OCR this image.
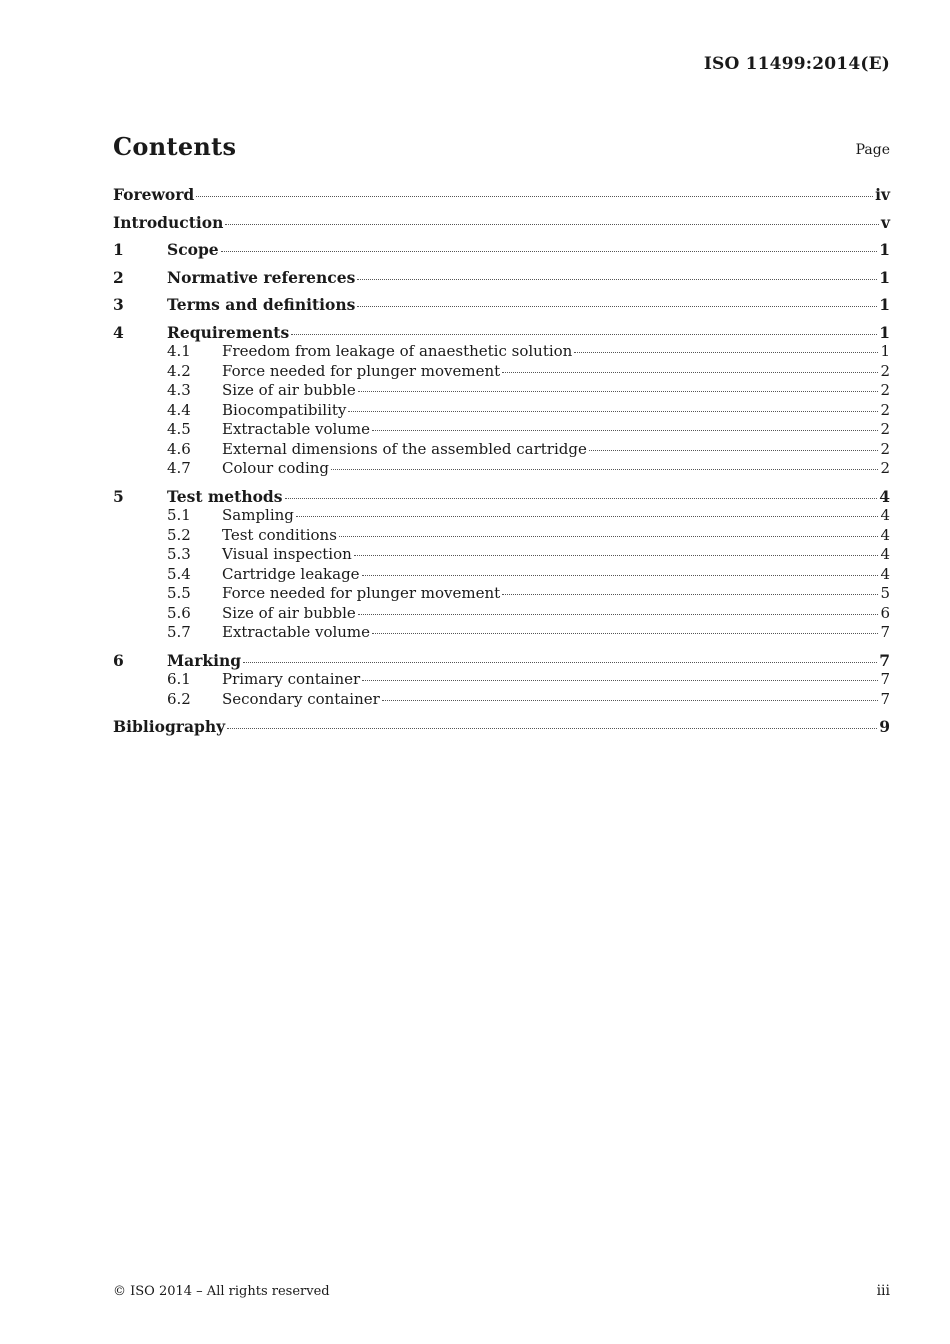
ISO 11499:2014(E)
Contents	Page
Foreword	iv
Introduction	v
1	Scope	1
2	Normative references	1
3	Terms and definitions	1
4	Requirements	1
4.1	Freedom from leakage of anaesthetic solution	1
4.2	Force needed for plunger movement	2
4.3	Size of air bubble	2
4.4	Biocompatibility	2
4.5	Extractable volume	2
4.6	External dimensions of the assembled cartridge	2
4.7	Colour coding	2
5	Test methods	4
5.1	Sampling	4
5.2	Test conditions	4
5.3	Visual inspection	4
5.4	Cartridge leakage	4
5.5	Force needed for plunger movement	5
5.6	Size of air bubble	6
5.7	Extractable volume	7
6	Marking	7
6.1	Primary container	7
6.2	Secondary container	7
Bibliography	9
© ISO 2014 – All rights reserved	iii
